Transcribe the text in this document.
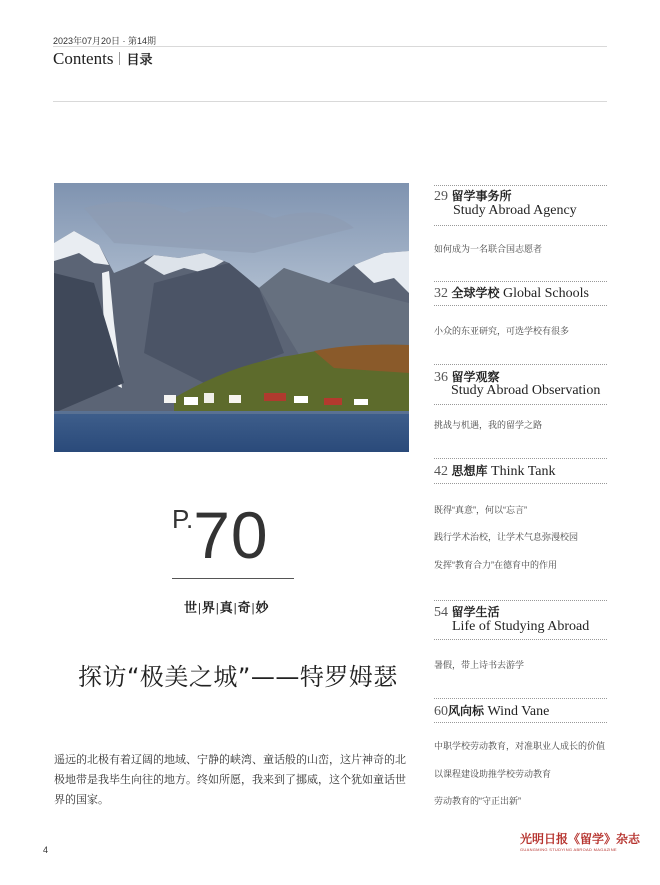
2023年07月20日 · 第14期
Contents 目录
P.70
世|界|真|奇|妙
探访“极美之城”——特罗姆瑟
遥远的北极有着辽阔的地域、宁静的峡湾、童话般的山峦，这片神奇的北极地带是我毕生向往的地方。终如所愿，我来到了挪威，这个犹如童话世界的国家。
29 留学事务所
Study Abroad Agency
如何成为一名联合国志愿者
32 全球学校 Global Schools
小众的东亚研究，可选学校有很多
36 留学观察
Study Abroad Observation
挑战与机遇，我的留学之路
42 思想库 Think Tank
既得“真意”，何以“忘言”
践行学术治校，让学术气息弥漫校园
发挥“教育合力”在德育中的作用
54 留学生活
Life of Studying Abroad
暑假，带上诗书去游学
60风向标 Wind Vane
中职学校劳动教育，对准职业人成长的价值
以课程建设助推学校劳动教育
劳动教育的“守正出新”
4
光明日报《留学》杂志
GUANGMING STUDYING ABROAD MAGAZINE
